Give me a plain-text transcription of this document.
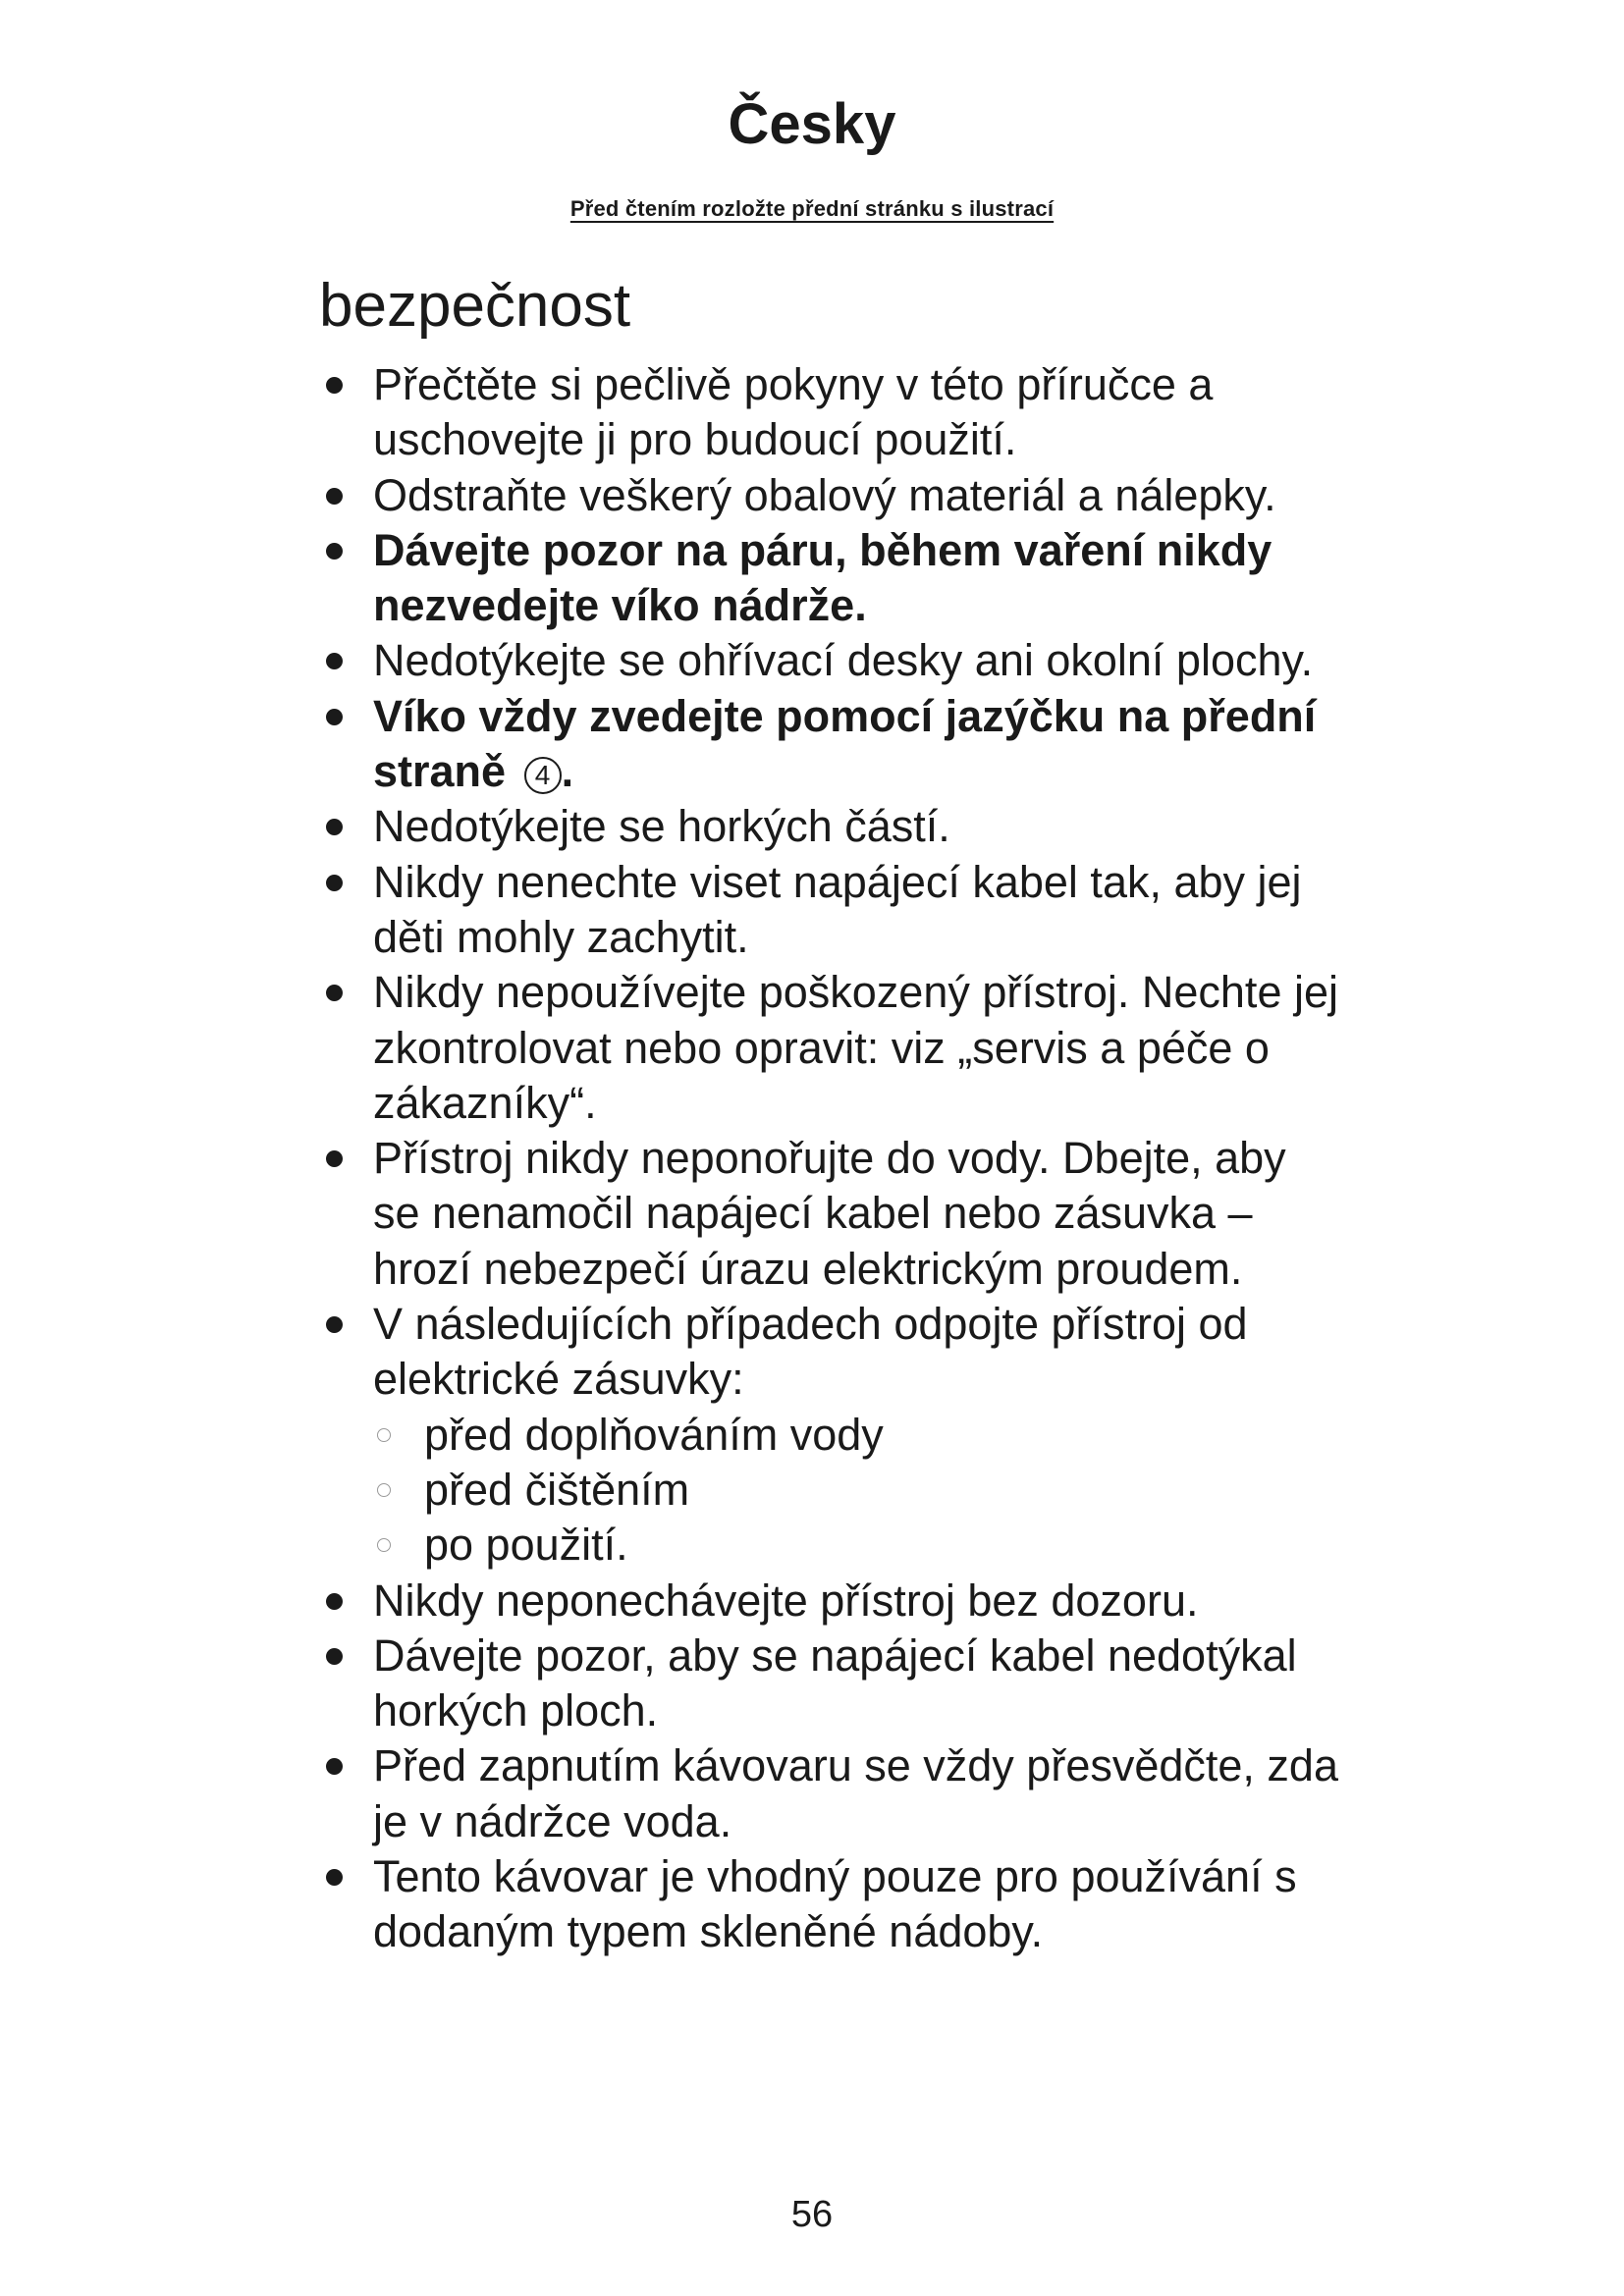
Česky
Před čtením rozložte přední stránku s ilustrací
bezpečnost
Přečtěte si pečlivě pokyny v této příručce a uschovejte ji pro budoucí použití.
Odstraňte veškerý obalový materiál a nálepky.
Dávejte pozor na páru, během vaření nikdy nezvedejte víko nádrže.
Nedotýkejte se ohřívací desky ani okolní plochy.
Víko vždy zvedejte pomocí jazýčku na přední straně 4 .
Nedotýkejte se horkých částí.
Nikdy nenechte viset napájecí kabel tak, aby jej děti mohly zachytit.
Nikdy nepoužívejte poškozený přístroj. Nechte jej zkontrolovat nebo opravit: viz „servis a péče o zákazníky“.
Přístroj nikdy neponořujte do vody. Dbejte, aby se nenamočil napájecí kabel nebo zásuvka – hrozí nebezpečí úrazu elektrickým proudem.
V následujících případech odpojte přístroj od elektrické zásuvky:
před doplňováním vody
před čištěním
po použití.
Nikdy neponechávejte přístroj bez dozoru.
Dávejte pozor, aby se napájecí kabel nedotýkal horkých ploch.
Před zapnutím kávovaru se vždy přesvědčte, zda je v nádržce voda.
Tento kávovar je vhodný pouze pro používání s dodaným typem skleněné nádoby.
56
